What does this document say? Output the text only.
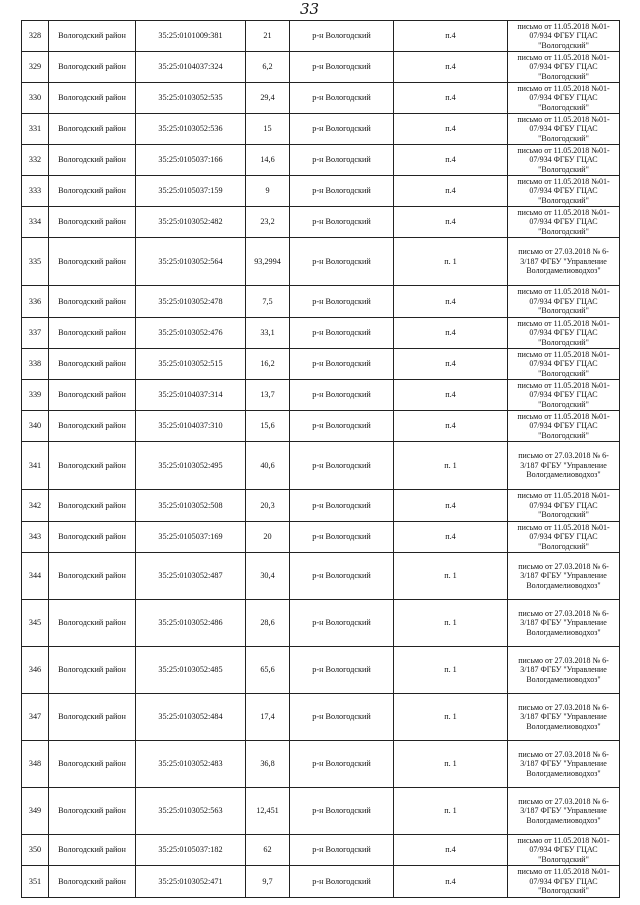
33
328	Вологодский район	35:25:0101009:381	21	р-н Вологодский	п.4	письмо от 11.05.2018 №01-07/934 ФГБУ ГЦАС "Вологодский"
329	Вологодский район	35:25:0104037:324	6,2	р-н Вологодский	п.4	письмо от 11.05.2018 №01-07/934 ФГБУ ГЦАС "Вологодский"
330	Вологодский район	35:25:0103052:535	29,4	р-н Вологодский	п.4	письмо от 11.05.2018 №01-07/934 ФГБУ ГЦАС "Вологодский"
331	Вологодский район	35:25:0103052:536	15	р-н Вологодский	п.4	письмо от 11.05.2018 №01-07/934 ФГБУ ГЦАС "Вологодский"
332	Вологодский район	35:25:0105037:166	14,6	р-н Вологодский	п.4	письмо от 11.05.2018 №01-07/934 ФГБУ ГЦАС "Вологодский"
333	Вологодский район	35:25:0105037:159	9	р-н Вологодский	п.4	письмо от 11.05.2018 №01-07/934 ФГБУ ГЦАС "Вологодский"
334	Вологодский район	35:25:0103052:482	23,2	р-н Вологодский	п.4	письмо от 11.05.2018 №01-07/934 ФГБУ ГЦАС "Вологодский"
335	Вологодский район	35:25:0103052:564	93,2994	р-н Вологодский	п. 1	письмо от 27.03.2018 № 6-3/187 ФГБУ "Управление Вологдамелиоводхоз"
336	Вологодский район	35:25:0103052:478	7,5	р-н Вологодский	п.4	письмо от 11.05.2018 №01-07/934 ФГБУ ГЦАС "Вологодский"
337	Вологодский район	35:25:0103052:476	33,1	р-н Вологодский	п.4	письмо от 11.05.2018 №01-07/934 ФГБУ ГЦАС "Вологодский"
338	Вологодский район	35:25:0103052:515	16,2	р-н Вологодский	п.4	письмо от 11.05.2018 №01-07/934 ФГБУ ГЦАС "Вологодский"
339	Вологодский район	35:25:0104037:314	13,7	р-н Вологодский	п.4	письмо от 11.05.2018 №01-07/934 ФГБУ ГЦАС "Вологодский"
340	Вологодский район	35:25:0104037:310	15,6	р-н Вологодский	п.4	письмо от 11.05.2018 №01-07/934 ФГБУ ГЦАС "Вологодский"
341	Вологодский район	35:25:0103052:495	40,6	р-н Вологодский	п. 1	письмо от 27.03.2018 № 6-3/187 ФГБУ "Управление Вологдамелиоводхоз"
342	Вологодский район	35:25:0103052:508	20,3	р-н Вологодский	п.4	письмо от 11.05.2018 №01-07/934 ФГБУ ГЦАС "Вологодский"
343	Вологодский район	35:25:0105037:169	20	р-н Вологодский	п.4	письмо от 11.05.2018 №01-07/934 ФГБУ ГЦАС "Вологодский"
344	Вологодский район	35:25:0103052:487	30,4	р-н Вологодский	п. 1	письмо от 27.03.2018 № 6-3/187 ФГБУ "Управление Вологдамелиоводхоз"
345	Вологодский район	35:25:0103052:486	28,6	р-н Вологодский	п. 1	письмо от 27.03.2018 № 6-3/187 ФГБУ "Управление Вологдамелиоводхоз"
346	Вологодский район	35:25:0103052:485	65,6	р-н Вологодский	п. 1	письмо от 27.03.2018 № 6-3/187 ФГБУ "Управление Вологдамелиоводхоз"
347	Вологодский район	35:25:0103052:484	17,4	р-н Вологодский	п. 1	письмо от 27.03.2018 № 6-3/187 ФГБУ "Управление Вологдамелиоводхоз"
348	Вологодский район	35:25:0103052:483	36,8	р-н Вологодский	п. 1	письмо от 27.03.2018 № 6-3/187 ФГБУ "Управление Вологдамелиоводхоз"
349	Вологодский район	35:25:0103052:563	12,451	р-н Вологодский	п. 1	письмо от 27.03.2018 № 6-3/187 ФГБУ "Управление Вологдамелиоводхоз"
350	Вологодский район	35:25:0105037:182	62	р-н Вологодский	п.4	письмо от 11.05.2018 №01-07/934 ФГБУ ГЦАС "Вологодский"
351	Вологодский район	35:25:0103052:471	9,7	р-н Вологодский	п.4	письмо от 11.05.2018 №01-07/934 ФГБУ ГЦАС "Вологодский"
